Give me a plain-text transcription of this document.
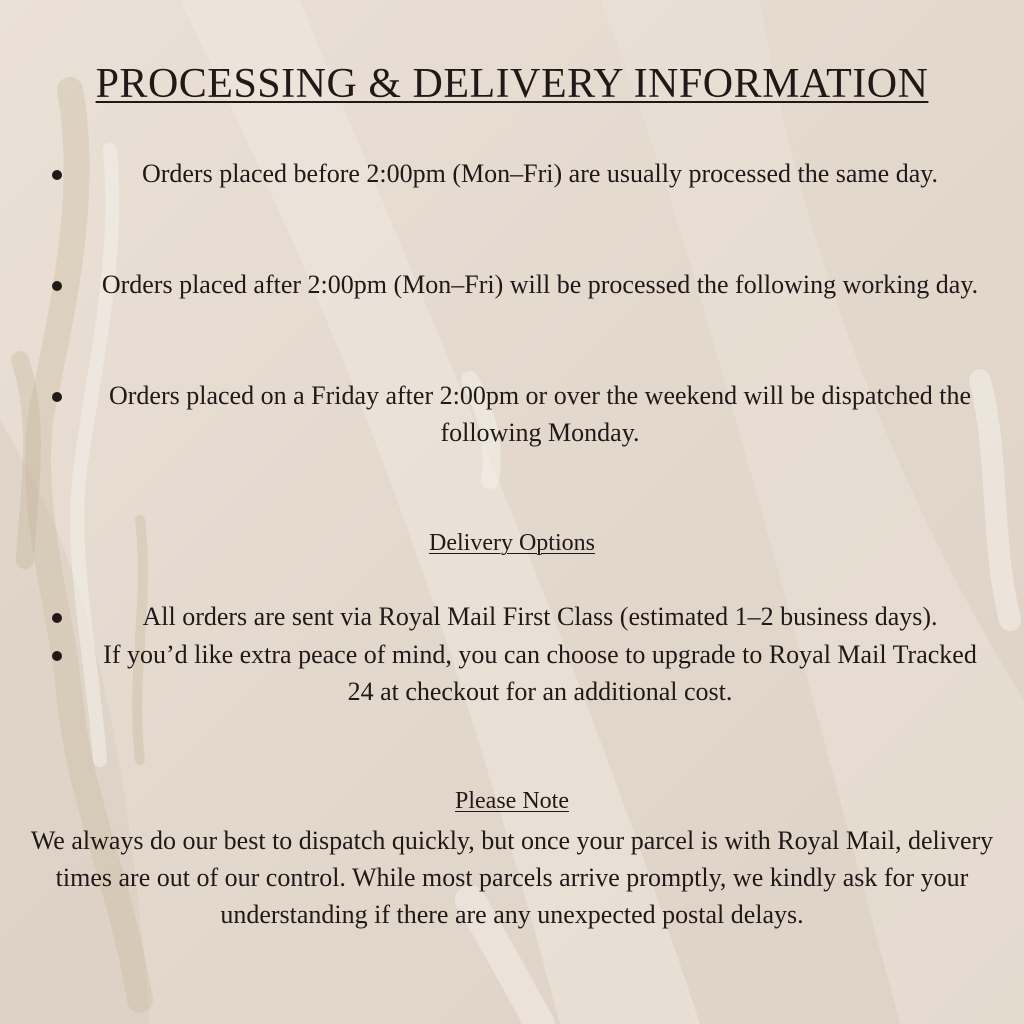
PROCESSING & DELIVERY INFORMATION
Orders placed before 2:00pm (Mon–Fri) are usually processed the same day.
Orders placed after 2:00pm (Mon–Fri) will be processed the following working day.
Orders placed on a Friday after 2:00pm or over the weekend will be dispatched the following Monday.
Delivery Options
All orders are sent via Royal Mail First Class (estimated 1–2 business days).
If you’d like extra peace of mind, you can choose to upgrade to Royal Mail Tracked 24 at checkout for an additional cost.
Please Note
We always do our best to dispatch quickly, but once your parcel is with Royal Mail, delivery times are out of our control. While most parcels arrive promptly, we kindly ask for your understanding if there are any unexpected postal delays.
